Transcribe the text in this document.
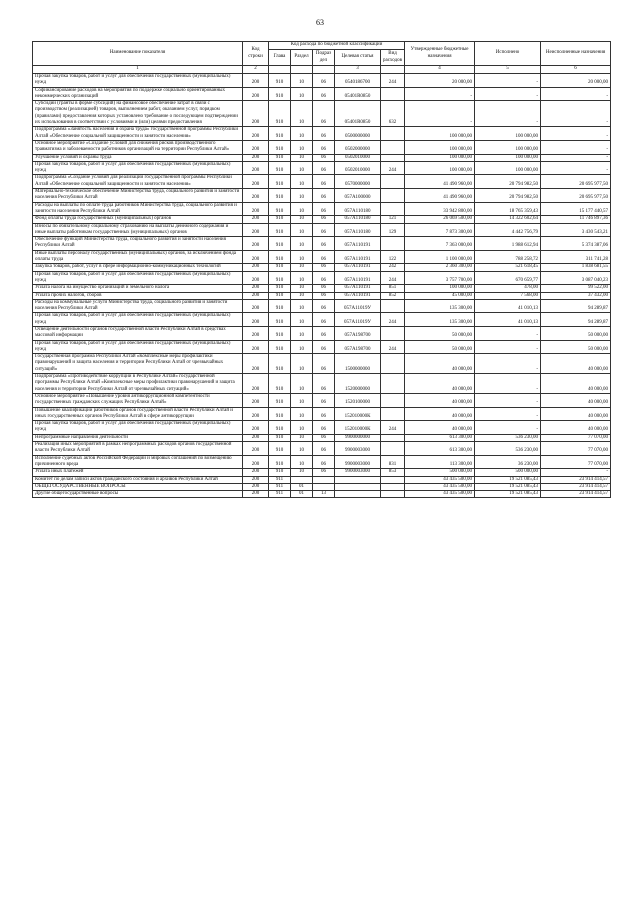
63
Наименование показателя	Код строки	Код расхода по бюджетной классификации					Утвержденные бюджетные назначения	Исполнено	Неисполненные назначения
		Глава	Раздел	Подраз дел	Целевая статья	Вид расходов			
1	2				3		4	5	6
Прочая закупка товаров, работ и услуг для обеспечения государственных (муниципальных) нужд	200	910	10	06	0540186700	244	20 000,00	-	20 000,00
Софинансирование расходов на мероприятия по поддержке социально ориентированных некоммерческих организаций	200	910	10	06	05401R0850		-	-	-
Субсидии (гранты в форме субсидий) на финансовое обеспечение затрат в связи с производством (реализацией) товаров, выполнением работ, оказанием услуг, порядком (правилами) предоставления которых установлено требование о последующем подтверждении их использования в соответствии с условиями и (или) целями предоставления	200	910	10	06	05401R0850	632	-	-	-
Подпрограмма «Занятость населения и охрана труда» государственной программы Республики Алтай «Обеспечение социальной защищенности и занятости населения»	200	910	10	06	0500000000		100 000,00	100 000,00	-
Основное мероприятие «Создание условий для снижения рисков производственного травматизма и заболеваемости работников организаций на территории Республики Алтай»	200	910	10	06	0502000000		100 000,00	100 000,00	-
Улучшение условий и охраны труда	200	910	10	06	0502010000		100 000,00	100 000,00	-
Прочая закупка товаров, работ и услуг для обеспечения государственных (муниципальных) нужд	200	910	10	06	0502010000	244	100 000,00	100 000,00	-
Подпрограмма «Создание условий для реализации государственной программы Республики Алтай «Обеспечение социальной защищенности и занятости населения»	200	910	10	06	0570000000		41 490 960,00	20 794 982,50	20 695 977,50
Материально-техническое обеспечение Министерства труда, социального развития и занятости населения Республики Алтай	200	910	10	06	057А100000		41 490 960,00	20 794 982,50	20 695 977,50
Расходы на выплаты по оплате труда работников Министерства труда, социального развития и занятости населения Республики Алтай	200	910	10	06	057А110180		33 942 800,00	18 765 359,43	15 177 440,57
Фонд оплаты труда государственных (муниципальных) органов	200	910	10	06	057А110180	121	26 069 500,00	14 322 602,64	11 746 897,36
Взносы по обязательному социальному страхованию на выплаты денежного содержания и иные выплаты работникам государственных (муниципальных) органов	200	910	10	06	057А110180	129	7 873 300,00	4 442 756,79	3 430 543,21
Обеспечение функций Министерства труда, социального развития и занятости населения Республики Алтай	200	910	10	06	057А110191		7 363 000,00	1 988 612,94	5 374 387,06
Иные выплаты персоналу государственных (муниципальных) органов, за исключением фонда оплаты труда	200	910	10	06	057А110191	122	1 100 000,00	788 258,72	311 741,28
Закупка товаров, работ, услуг в сфере информационно-коммуникационных технологий	200	910	10	06	057А110191	242	2 360 300,00	521 618,45	1 838 681,55
Прочая закупка товаров, работ и услуг для обеспечения государственных (муниципальных) нужд	200	910	10	06	057А110191	244	3 757 700,00	670 659,77	3 087 040,23
Уплата налога на имущество организаций и земельного налога	200	910	10	06	057А110191	851	100 000,00	478,00	99 522,00
Уплата прочих налогов, сборов	200	910	10	06	057А110191	852	45 000,00	7 568,00	37 432,00
Расходы на коммунальные услуги Министерства труда, социального развития и занятости населения Республики Алтай	200	910	10	06	057А11019У		135 300,00	41 010,13	94 289,87
Прочая закупка товаров, работ и услуг для обеспечения государственных (муниципальных) нужд	200	910	10	06	057А11019У	244	135 300,00	41 010,13	94 289,87
Освещение деятельности органов государственной власти Республики Алтай в средствах массовой информации	200	910	10	06	057А198700		50 000,00	-	50 000,00
Прочая закупка товаров, работ и услуг для обеспечения государственных (муниципальных) нужд	200	910	10	06	057А198700	244	50 000,00	-	50 000,00
Государственная программа Республики Алтай «Комплексные меры профилактики правонарушений и защита населения и территории Республики Алтай от чрезвычайных ситуаций»	200	910	10	06	1500000000		40 000,00	-	40 000,00
Подпрограмма «Противодействие коррупции в Республике Алтай» государственной программы Республики Алтай «Комплексные меры профилактики правонарушений и защита населения и территории Республики Алтай от чрезвычайных ситуаций»	200	910	10	06	1520000000		40 000,00	-	40 000,00
Основное мероприятие «Повышение уровня антикоррупционной компетентности государственных гражданских служащих Республики Алтай»	200	910	10	06	1520100000		40 000,00	-	40 000,00
Повышение квалификации работников органов государственной власти Республики Алтай и иных государственных органов Республики Алтай в сфере антикоррупции	200	910	10	06	152010000К		40 000,00	-	40 000,00
Прочая закупка товаров, работ и услуг для обеспечения государственных (муниципальных) нужд	200	910	10	06	152010000К	244	40 000,00	-	40 000,00
Непрограммные направления деятельности	200	910	10	06	9900000000		613 300,00	536 230,00	77 070,00
Реализация иных мероприятий в рамках непрограммных расходов органов государственной власти Республики Алтай	200	910	10	06	9900003000		613 300,00	536 230,00	77 070,00
Исполнение судебных актов Российской Федерации и мировых соглашений по возмещению причиненного вреда	200	910	10	06	9900003000	831	113 300,00	36 230,00	77 070,00
Уплата иных платежей	200	910	10	06	9900003000	853	500 000,00	500 000,00	-
Комитет по делам записи актов гражданского состояния и архивов Республики Алтай	200	911					43 435 500,00	19 521 085,43	23 914 414,57
ОБЩЕГОСУДАРСТВЕННЫЕ ВОПРОСЫ	200	911	01				43 435 500,00	19 521 085,43	23 914 414,57
Другие общегосударственные вопросы	200	911	01	13			43 435 500,00	19 521 085,43	23 914 414,57
